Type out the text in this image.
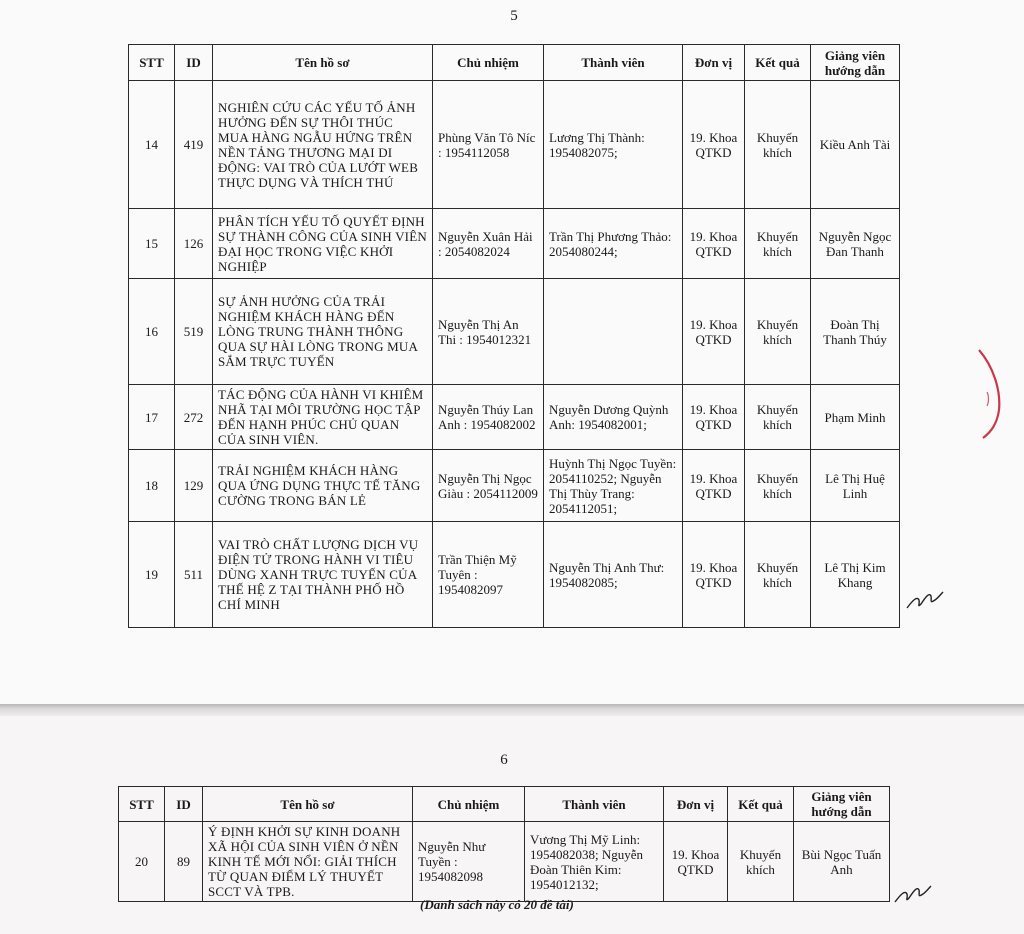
5
STT	ID	Tên hồ sơ	Chủ nhiệm	Thành viên	Đơn vị	Kết quả	Giảng viên hướng dẫn
14	419	NGHIÊN CỨU CÁC YẾU TỐ ẢNH HƯỞNG ĐẾN SỰ THÔI THÚC MUA HÀNG NGẪU HỨNG TRÊN NỀN TẢNG THƯƠNG MẠI DI ĐỘNG: VAI TRÒ CỦA LƯỚT WEB THỰC DỤNG VÀ THÍCH THÚ	Phùng Văn Tô Níc : 1954112058	Lương Thị Thành: 1954082075;	19. Khoa QTKD	Khuyến khích	Kiều Anh Tài
15	126	PHÂN TÍCH YẾU TỐ QUYẾT ĐỊNH SỰ THÀNH CÔNG CỦA SINH VIÊN ĐẠI HỌC TRONG VIỆC KHỞI NGHIỆP	Nguyễn Xuân Hải : 2054082024	Trần Thị Phương Thảo: 2054080244;	19. Khoa QTKD	Khuyến khích	Nguyễn Ngọc Đan Thanh
16	519	SỰ ẢNH HƯỞNG CỦA TRẢI NGHIỆM KHÁCH HÀNG ĐẾN LÒNG TRUNG THÀNH THÔNG QUA SỰ HÀI LÒNG TRONG MUA SẮM TRỰC TUYẾN	Nguyễn Thị An Thi : 1954012321		19. Khoa QTKD	Khuyến khích	Đoàn Thị Thanh Thúy
17	272	TÁC ĐỘNG CỦA HÀNH VI KHIÊM NHÃ TẠI MÔI TRƯỜNG HỌC TẬP ĐẾN HẠNH PHÚC CHỦ QUAN CỦA SINH VIÊN.	Nguyễn Thúy Lan Anh : 1954082002	Nguyễn Dương Quỳnh Anh: 1954082001;	19. Khoa QTKD	Khuyến khích	Phạm Minh
18	129	TRẢI NGHIỆM KHÁCH HÀNG QUA ỨNG DỤNG THỰC TẾ TĂNG CƯỜNG TRONG BÁN LẺ	Nguyễn Thị Ngọc Giàu : 2054112009	Huỳnh Thị Ngọc Tuyền: 2054110252; Nguyễn Thị Thùy Trang: 2054112051;	19. Khoa QTKD	Khuyến khích	Lê Thị Huệ Linh
19	511	VAI TRÒ CHẤT LƯỢNG DỊCH VỤ ĐIỆN TỬ TRONG HÀNH VI TIÊU DÙNG XANH TRỰC TUYẾN CỦA THẾ HỆ Z TẠI THÀNH PHỐ HỒ CHÍ MINH	Trần Thiện Mỹ Tuyên : 1954082097	Nguyễn Thị Anh Thư: 1954082085;	19. Khoa QTKD	Khuyến khích	Lê Thị Kim Khang
6
STT	ID	Tên hồ sơ	Chủ nhiệm	Thành viên	Đơn vị	Kết quả	Giảng viên hướng dẫn
20	89	Ý ĐỊNH KHỞI SỰ KINH DOANH XÃ HỘI CỦA SINH VIÊN Ở NỀN KINH TẾ MỚI NỔI: GIẢI THÍCH TỪ QUAN ĐIỂM LÝ THUYẾT SCCT VÀ TPB.	Nguyễn Như Tuyền : 1954082098	Vương Thị Mỹ Linh: 1954082038; Nguyễn Đoàn Thiên Kim: 1954012132;	19. Khoa QTKD	Khuyến khích	Bùi Ngọc Tuấn Anh
(Danh sách này có 20 đề tài)
